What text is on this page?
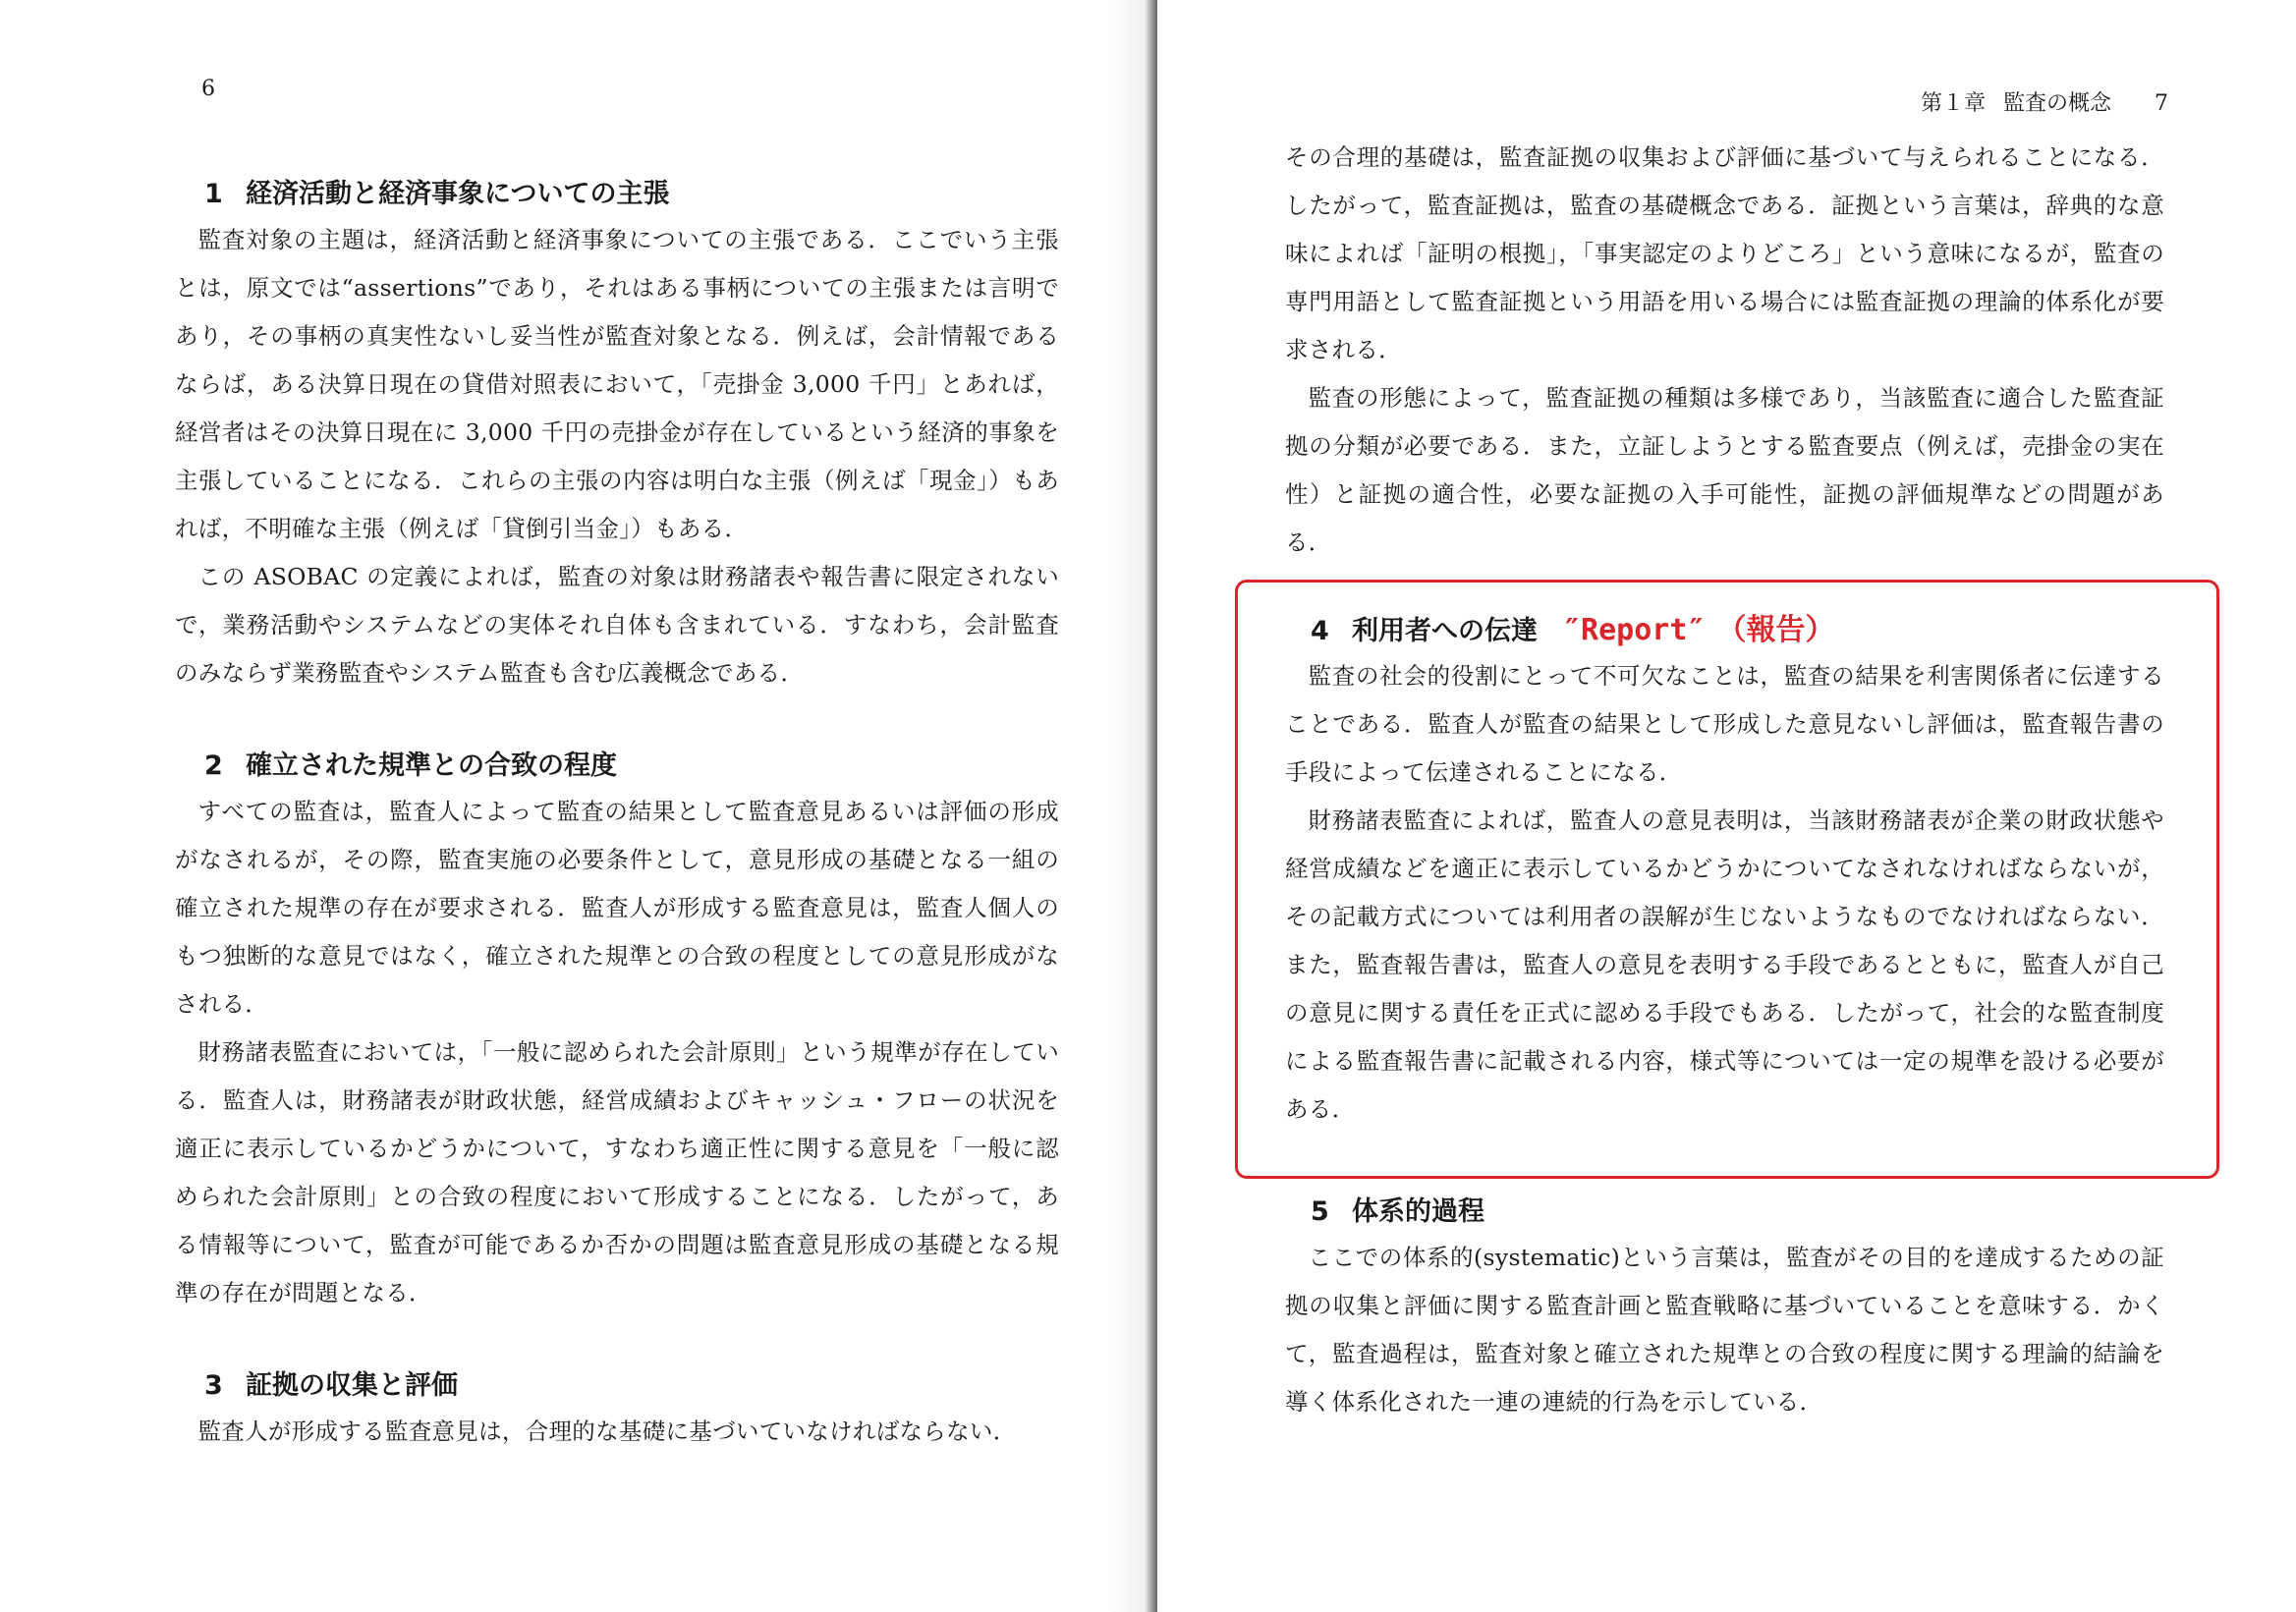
6
1 経済活動と経済事象についての主張

監査対象の主題は，経済活動と経済事象についての主張である．ここでいう主張とは，原文では“assertions”であり，それはある事柄についての主張または言明であり，その事柄の真実性ないし妥当性が監査対象となる．例えば，会計情報であるならば，ある決算日現在の貸借対照表において，「売掛金 3,000 千円」とあれば，経営者はその決算日現在に 3,000 千円の売掛金が存在しているという経済的事象を主張していることになる．これらの主張の内容は明白な主張（例えば「現金」）もあれば，不明確な主張（例えば「貸倒引当金」）もある．

この ASOBAC の定義によれば，監査の対象は財務諸表や報告書に限定されないで，業務活動やシステムなどの実体それ自体も含まれている．すなわち，会計監査のみならず業務監査やシステム監査も含む広義概念である．

2 確立された規準との合致の程度

すべての監査は，監査人によって監査の結果として監査意見あるいは評価の形成がなされるが，その際，監査実施の必要条件として，意見形成の基礎となる一組の確立された規準の存在が要求される．監査人が形成する監査意見は，監査人個人のもつ独断的な意見ではなく，確立された規準との合致の程度としての意見形成がなされる．

財務諸表監査においては，「一般に認められた会計原則」という規準が存在している．監査人は，財務諸表が財政状態，経営成績およびキャッシュ・フローの状況を適正に表示しているかどうかについて，すなわち適正性に関する意見を「一般に認められた会計原則」との合致の程度において形成することになる．したがって，ある情報等について，監査が可能であるか否かの問題は監査意見形成の基礎となる規準の存在が問題となる．

3 証拠の収集と評価

監査人が形成する監査意見は，合理的な基礎に基づいていなければならない．

第１章 監査の概念 7

その合理的基礎は，監査証拠の収集および評価に基づいて与えられることになる．したがって，監査証拠は，監査の基礎概念である．証拠という言葉は，辞典的な意味によれば「証明の根拠」，「事実認定のよりどころ」という意味になるが，監査の専門用語として監査証拠という用語を用いる場合には監査証拠の理論的体系化が要求される．

監査の形態によって，監査証拠の種類は多様であり，当該監査に適合した監査証拠の分類が必要である．また，立証しようとする監査要点（例えば，売掛金の実在性）と証拠の適合性，必要な証拠の入手可能性，証拠の評価規準などの問題がある．

4 利用者への伝達 ″Report″ （報告）

監査の社会的役割にとって不可欠なことは，監査の結果を利害関係者に伝達することである．監査人が監査の結果として形成した意見ないし評価は，監査報告書の手段によって伝達されることになる．

財務諸表監査によれば，監査人の意見表明は，当該財務諸表が企業の財政状態や経営成績などを適正に表示しているかどうかについてなされなければならないが，その記載方式については利用者の誤解が生じないようなものでなければならない．また，監査報告書は，監査人の意見を表明する手段であるとともに，監査人が自己の意見に関する責任を正式に認める手段でもある．したがって，社会的な監査制度による監査報告書に記載される内容，様式等については一定の規準を設ける必要がある．

5 体系的過程

ここでの体系的(systematic)という言葉は，監査がその目的を達成するための証拠の収集と評価に関する監査計画と監査戦略に基づいていることを意味する．かくて，監査過程は，監査対象と確立された規準との合致の程度に関する理論的結論を導く体系化された一連の連続的行為を示している．
